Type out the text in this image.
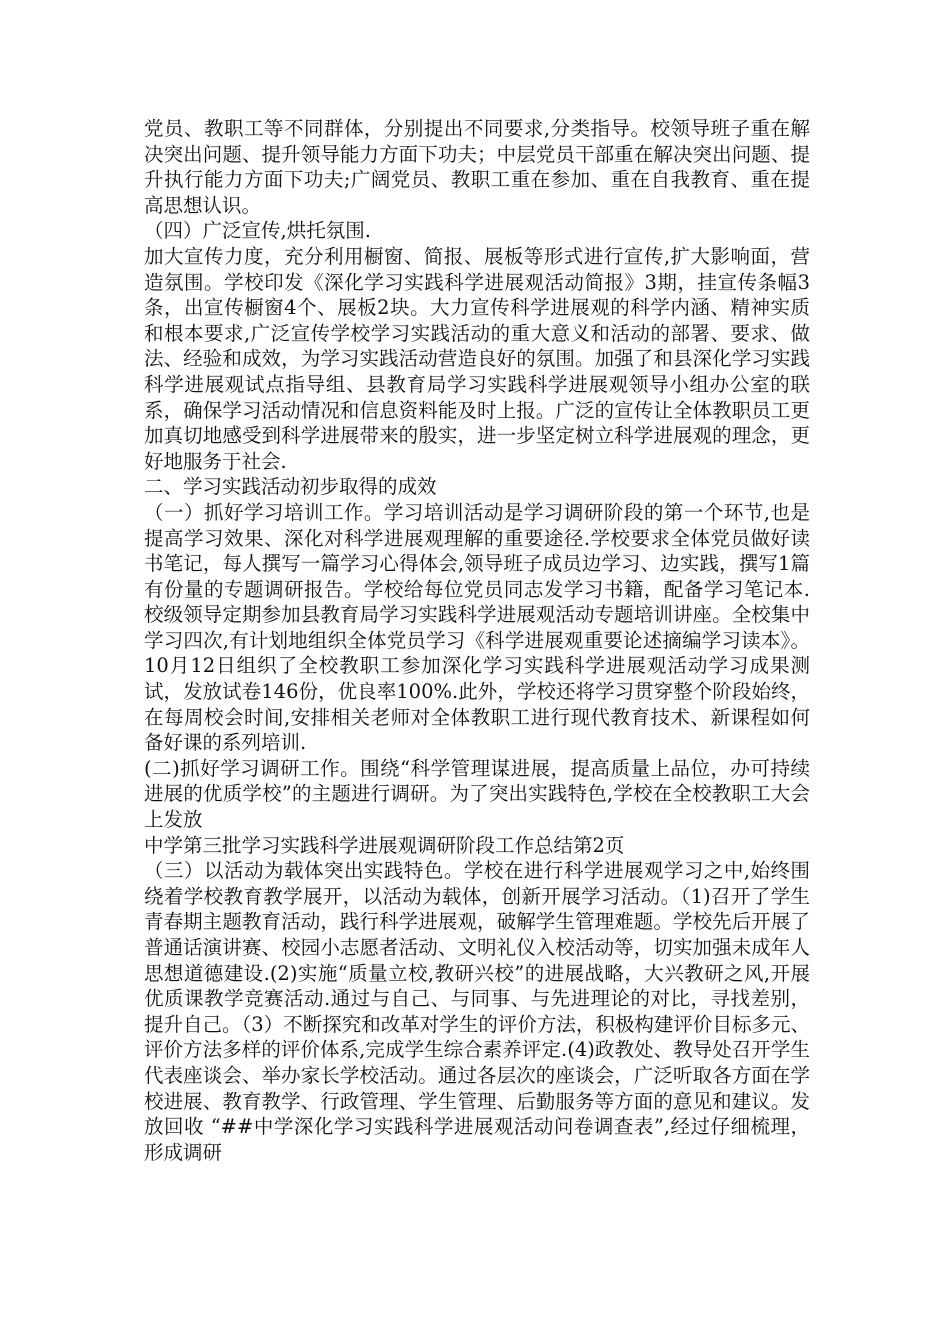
党员、教职工等不同群体，分别提出不同要求,分类指导。校领导班子重在解决突出问题、提升领导能力方面下功夫；中层党员干部重在解决突出问题、提升执行能力方面下功夫;广阔党员、教职工重在参加、重在自我教育、重在提高思想认识。

（四）广泛宣传,烘托氛围.

加大宣传力度，充分利用橱窗、简报、展板等形式进行宣传,扩大影响面，营造氛围。学校印发《深化学习实践科学进展观活动简报》3期，挂宣传条幅3条，出宣传橱窗4个、展板2块。大力宣传科学进展观的科学内涵、精神实质和根本要求,广泛宣传学校学习实践活动的重大意义和活动的部署、要求、做法、经验和成效，为学习实践活动营造良好的氛围。加强了和县深化学习实践科学进展观试点指导组、县教育局学习实践科学进展观领导小组办公室的联系，确保学习活动情况和信息资料能及时上报。广泛的宣传让全体教职员工更加真切地感受到科学进展带来的殷实，进一步坚定树立科学进展观的理念，更好地服务于社会.

二、学习实践活动初步取得的成效

（一）抓好学习培训工作。学习培训活动是学习调研阶段的第一个环节,也是提高学习效果、深化对科学进展观理解的重要途径.学校要求全体党员做好读书笔记，每人撰写一篇学习心得体会,领导班子成员边学习、边实践，撰写1篇有份量的专题调研报告。学校给每位党员同志发学习书籍，配备学习笔记本.校级领导定期参加县教育局学习实践科学进展观活动专题培训讲座。全校集中学习四次,有计划地组织全体党员学习《科学进展观重要论述摘编学习读本》。10月12日组织了全校教职工参加深化学习实践科学进展观活动学习成果测试，发放试卷146份，优良率100%.此外，学校还将学习贯穿整个阶段始终，在每周校会时间,安排相关老师对全体教职工进行现代教育技术、新课程如何备好课的系列培训.

(二)抓好学习调研工作。围绕“科学管理谋进展，提高质量上品位，办可持续进展的优质学校”的主题进行调研。为了突出实践特色,学校在全校教职工大会上发放

中学第三批学习实践科学进展观调研阶段工作总结第2页

（三）以活动为载体突出实践特色。学校在进行科学进展观学习之中,始终围绕着学校教育教学展开，以活动为载体，创新开展学习活动。（1)召开了学生青春期主题教育活动，践行科学进展观，破解学生管理难题。学校先后开展了普通话演讲赛、校园小志愿者活动、文明礼仪入校活动等，切实加强未成年人思想道德建设.(2)实施“质量立校,教研兴校”的进展战略，大兴教研之风,开展优质课教学竞赛活动.通过与自己、与同事、与先进理论的对比，寻找差别，提升自己。（3）不断探究和改革对学生的评价方法，积极构建评价目标多元、评价方法多样的评价体系,完成学生综合素养评定.(4)政教处、教导处召开学生代表座谈会、举办家长学校活动。通过各层次的座谈会，广泛听取各方面在学校进展、教育教学、行政管理、学生管理、后勤服务等方面的意见和建议。发放回收 “##中学深化学习实践科学进展观活动问卷调查表”,经过仔细梳理，形成调研
